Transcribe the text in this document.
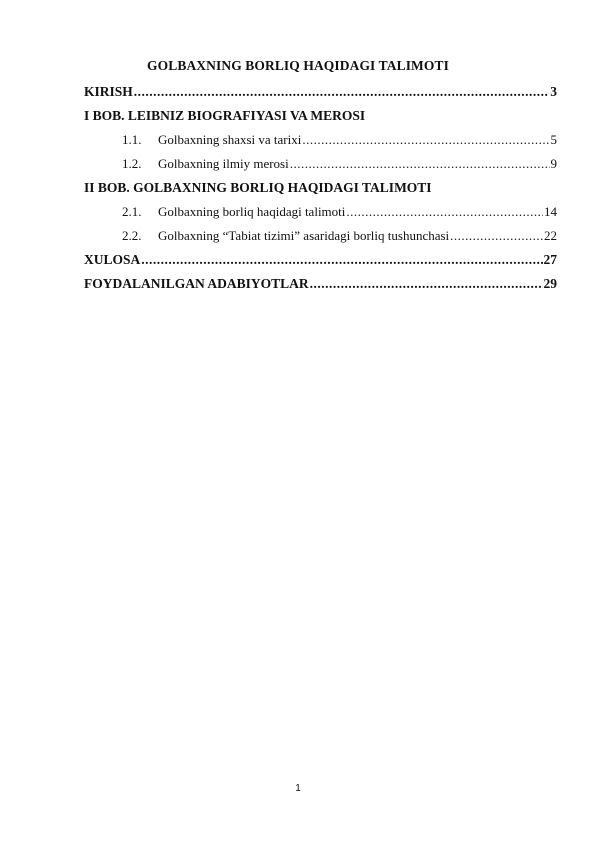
GOLBAXNING BORLIQ HAQIDAGI TALIMOTI
KIRISH .....	3
I BOB. LEIBNIZ BIOGRAFIYASI VA MEROSI
1.1.	Golbaxning shaxsi va tarixi .....	5
1.2.	Golbaxning ilmiy merosi .....	9
II BOB. GOLBAXNING BORLIQ HAQIDAGI TALIMOTI
2.1.	Golbaxning borliq haqidagi talimoti .....	14
2.2.	Golbaxning “Tabiat tizimi” asaridagi borliq tushunchasi .....	22
XULOSA .....	27
FOYDALANILGAN ADABIYOTLAR .....	29
1
